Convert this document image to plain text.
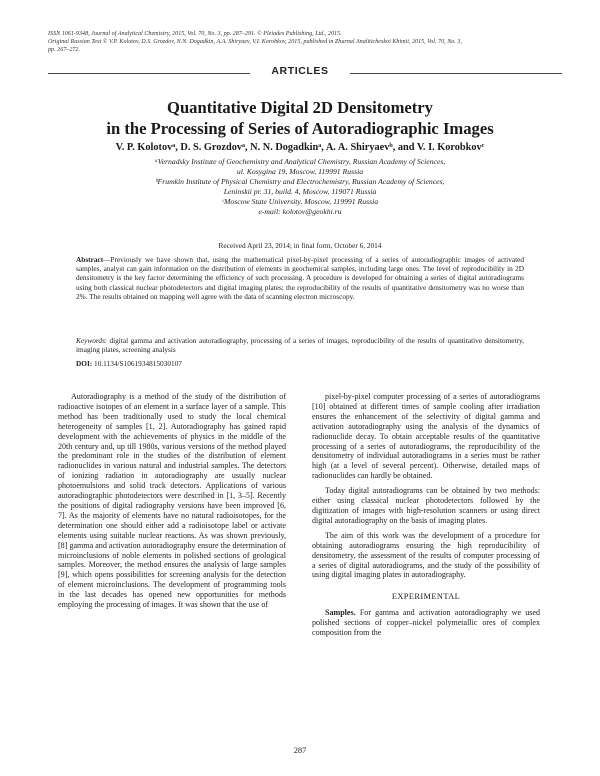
ISSN 1061-9348, Journal of Analytical Chemistry, 2015, Vol. 70, No. 3, pp. 287–291. © Pleiades Publishing, Ltd., 2015.
Original Russian Text © V.P. Kolotov, D.S. Grozdov, N.N. Dogadkin, A.A. Shiryaev, V.I. Korobkov, 2015, published in Zhurnal Analiticheskoi Khimii, 2015, Vol. 70, No. 3,
pp. 267–272.
ARTICLES
Quantitative Digital 2D Densitometry
in the Processing of Series of Autoradiographic Images
V. P. Kolotovᵃ, D. S. Grozdovᵃ, N. N. Dogadkinᵃ, A. A. Shiryaevᵇ, and V. I. Korobkovᶜ
ᵃVernadsky Institute of Geochemistry and Analytical Chemistry, Russian Academy of Sciences,
ul. Kosygina 19, Moscow, 119991 Russia
ᵇFrumkin Institute of Physical Chemistry and Electrochemistry, Russian Academy of Sciences,
Leninskii pr. 31, build. 4, Moscow, 119071 Russia
ᶜMoscow State University, Moscow, 119991 Russia
e-mail: kolotov@geokhi.ru
Received April 23, 2014; in final form, October 6, 2014
Abstract—Previously we have shown that, using the mathematical pixel-by-pixel processing of a series of autoradiographic images of activated samples, analyst can gain information on the distribution of elements in geochemical samples, including large ones. The level of reproducibility in 2D densitometry is the key factor determining the efficiency of such processing. A procedure is developed for obtaining a series of digital autoradiograms using both classical nuclear photodetectors and digital imaging plates; the reproducibility of the results of quantitative densitometry was no worse than 2%. The results obtained on mapping well agree with the data of scanning electron microscopy.
Keywords: digital gamma and activation autoradiography, processing of a series of images, reproducibility of the results of quantitative densitometry, imaging plates, screening analysis
DOI: 10.1134/S1061934815030107

Autoradiography is a method of the study of the distribution of radioactive isotopes of an element in a surface layer of a sample. This method has been traditionally used to study the local chemical heterogeneity of samples [1, 2]. Autoradiography has gained rapid development with the achievements of physics in the middle of the 20th century and, up till 1980s, various versions of the method played the predominant role in the studies of the distribution of element radionuclides in various natural and industrial samples. The detectors of ionizing radiation in autoradiography are usually nuclear photoemulsions and solid track detectors. Applications of various autoradiographic photodetectors were described in [1, 3–5]. Recently the positions of digital radiography versions have been improved [6, 7]. As the majority of elements have no natural radioisotopes, for the determination one should either add a radioisotope label or activate elements using suitable nuclear reactions. As was shown previously, [8] gamma and activation autoradiography ensure the determination of microinclusions of noble elements in polished sections of geological samples. Moreover, the method ensures the analysis of large samples [9], which opens possibilities for screening analysis for the detection of element microinclusions. The development of programming tools in the last decades has opened new opportunities for methods employing the processing of images. It was shown that the use of

pixel-by-pixel computer processing of a series of autoradiograms [10] obtained at different times of sample cooling after irradiation ensures the enhancement of the selectivity of digital gamma and activation autoradiography using the analysis of the dynamics of radionuclide decay. To obtain acceptable results of the quantitative processing of a series of autoradiograms, the reproducibility of the densitometry of individual autoradiograms in a series must be rather high (at a level of several percent). Otherwise, detailed maps of radionuclides can hardly be obtained.

Today digital autoradiograms can be obtained by two methods: either using classical nuclear photodetectors followed by the digitization of images with high-resolution scanners or using direct digital autoradiography on the basis of imaging plates.

The aim of this work was the development of a procedure for obtaining autoradiograms ensuring the high reproducibility of densitometry, the assessment of the results of computer processing of a series of digital autoradiograms, and the study of the possibility of using digital imaging plates in autoradiography.

EXPERIMENTAL

Samples. For gamma and activation autoradiography we used polished sections of copper–nickel polymetallic ores of complex composition from the

287
